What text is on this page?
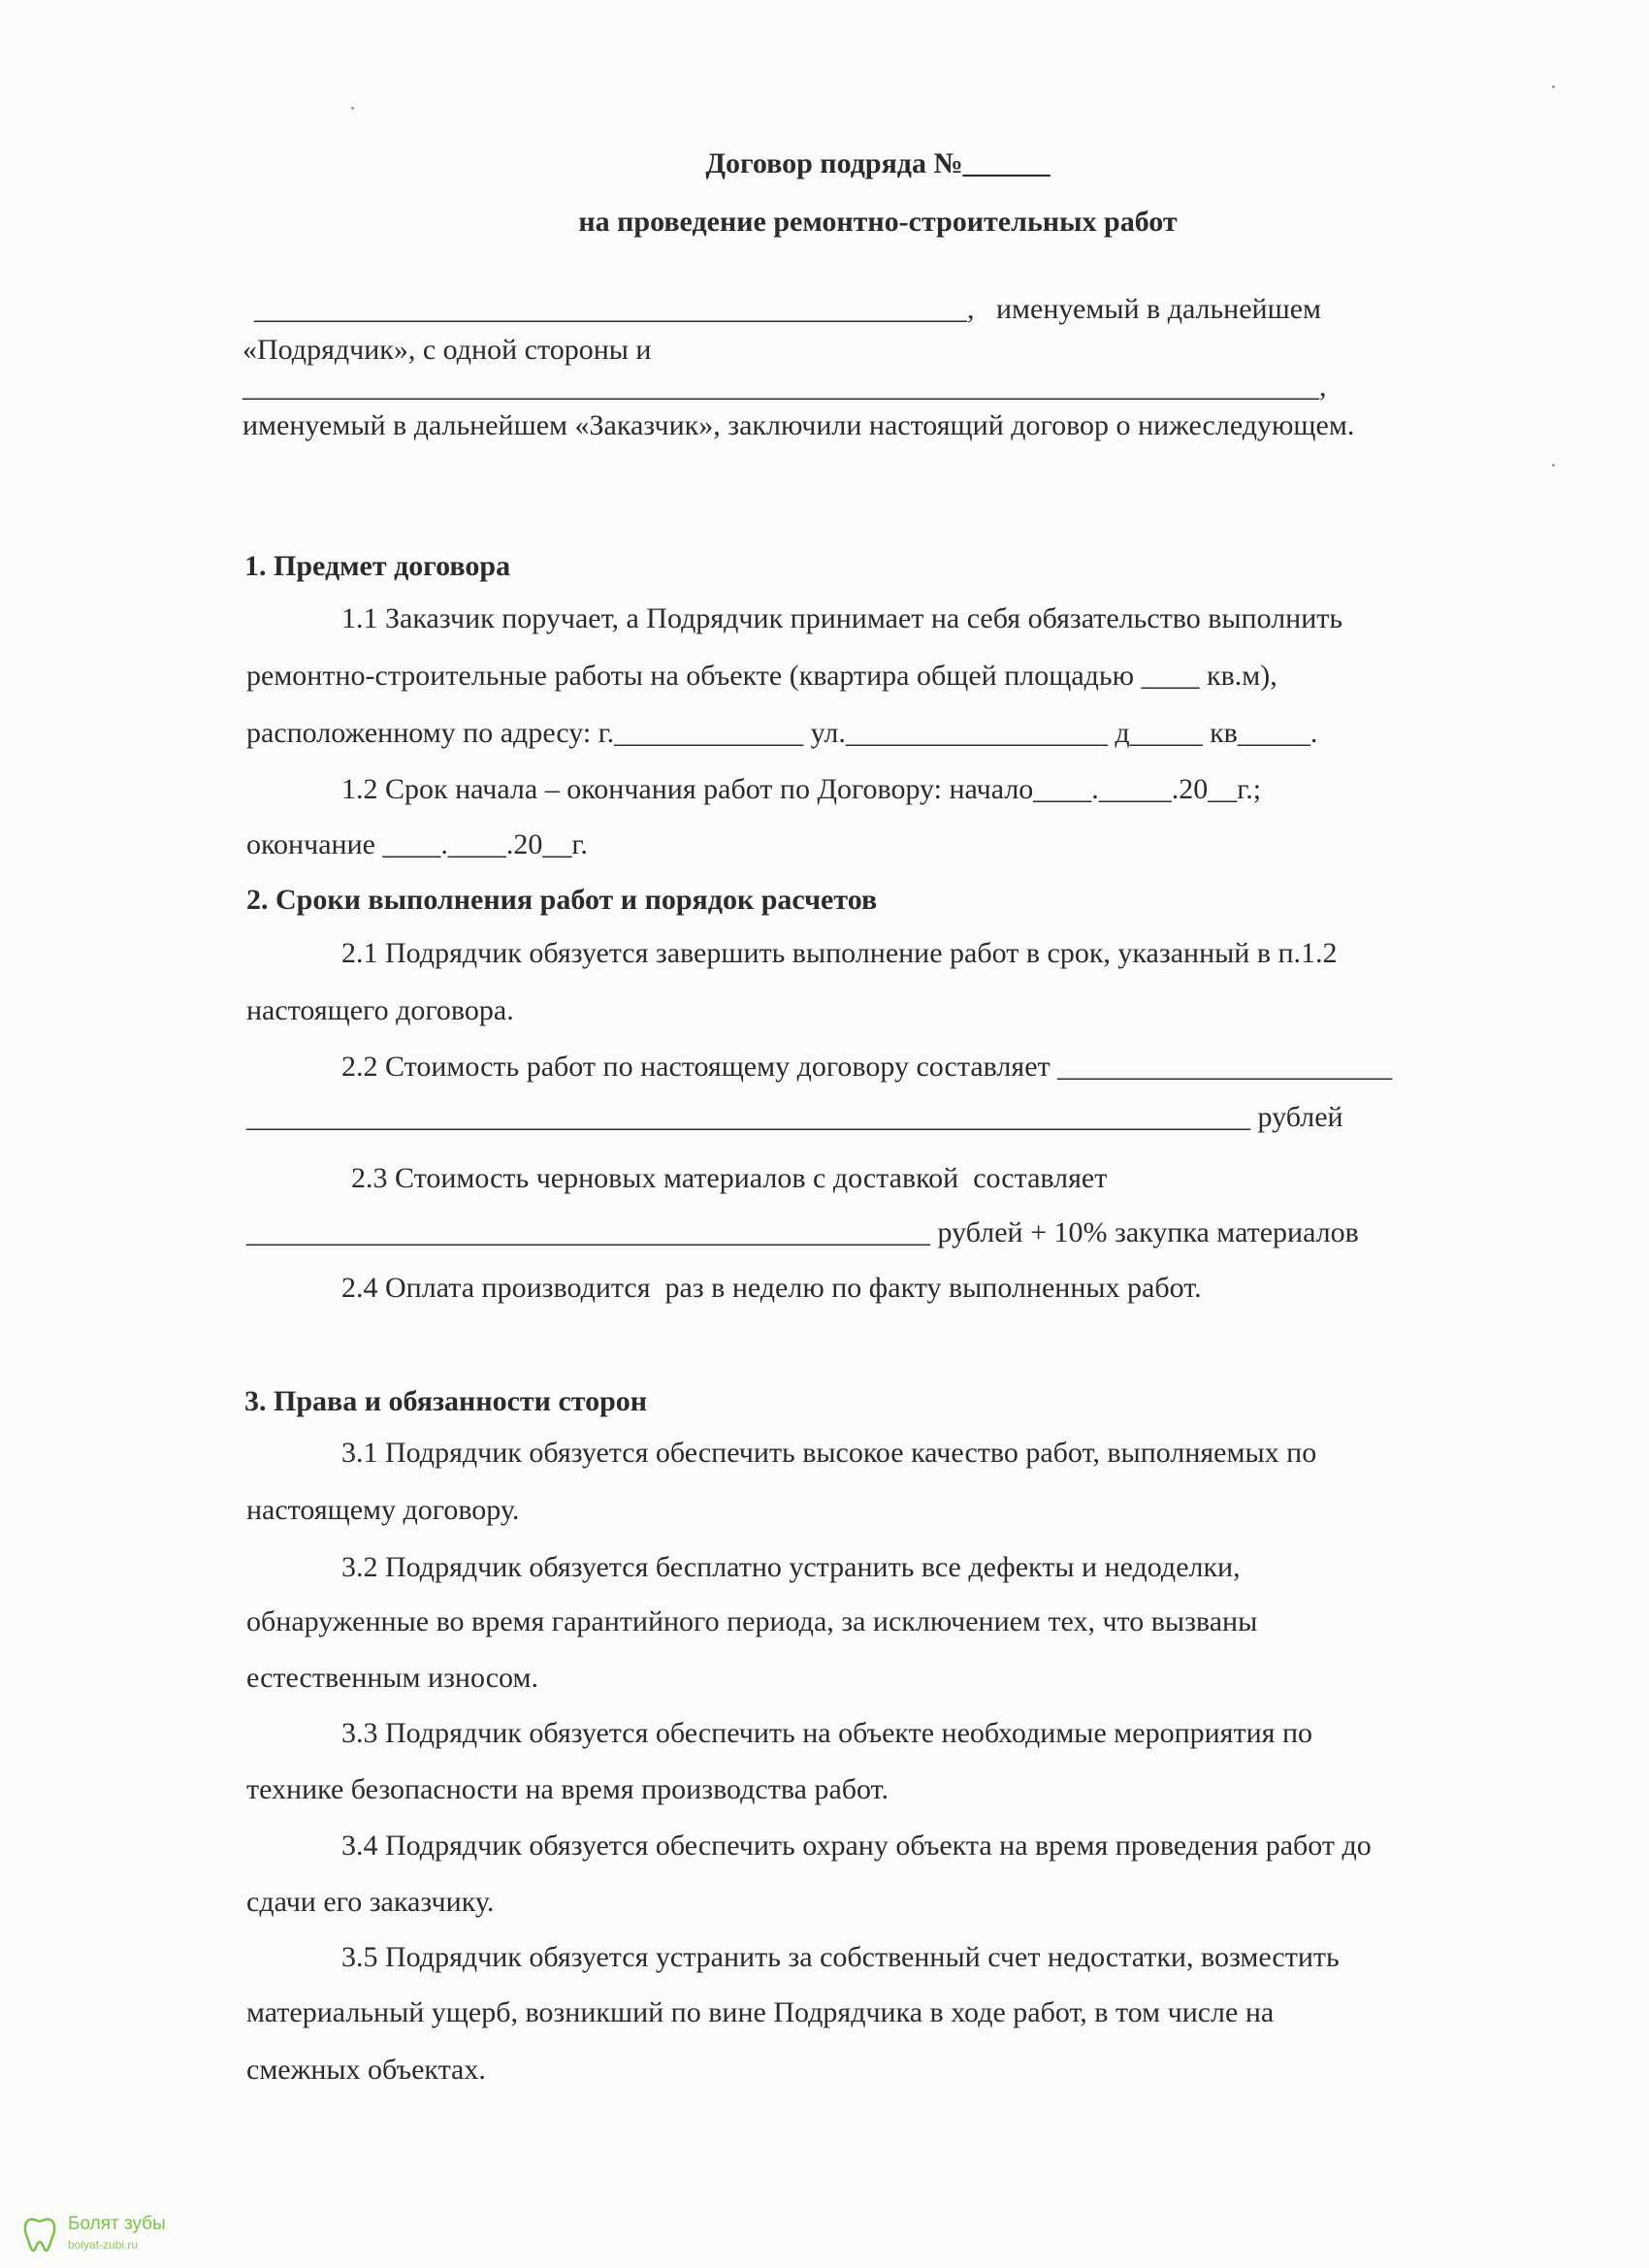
Договор подряда №______
на проведение ремонтно-строительных работ
_________________________________________________,   именуемый в дальнейшем
«Подрядчик», с одной стороны и
__________________________________________________________________________,
именуемый в дальнейшем «Заказчик», заключили настоящий договор о нижеследующем.
1. Предмет договора
1.1 Заказчик поручает, а Подрядчик принимает на себя обязательство выполнить
ремонтно-строительные работы на объекте (квартира общей площадью ____ кв.м),
расположенному по адресу: г._____________ ул.__________________ д_____ кв_____.
1.2 Срок начала – окончания работ по Договору: начало____._____.20__г.;
окончание ____.____.20__г.
2. Сроки выполнения работ и порядок расчетов
2.1 Подрядчик обязуется завершить выполнение работ в срок, указанный в п.1.2
настоящего договора.
2.2 Стоимость работ по настоящему договору составляет _______________________
_____________________________________________________________________ рублей
2.3 Стоимость черновых материалов с доставкой  составляет
_______________________________________________ рублей + 10% закупка материалов
2.4 Оплата производится  раз в неделю по факту выполненных работ.
3. Права и обязанности сторон
3.1 Подрядчик обязуется обеспечить высокое качество работ, выполняемых по
настоящему договору.
3.2 Подрядчик обязуется бесплатно устранить все дефекты и недоделки,
обнаруженные во время гарантийного периода, за исключением тех, что вызваны
естественным износом.
3.3 Подрядчик обязуется обеспечить на объекте необходимые мероприятия по
технике безопасности на время производства работ.
3.4 Подрядчик обязуется обеспечить охрану объекта на время проведения работ до
сдачи его заказчику.
3.5 Подрядчик обязуется устранить за собственный счет недостатки, возместить
материальный ущерб, возникший по вине Подрядчика в ходе работ, в том числе на
смежных объектах.
Болят зубы
bolyat-zubi.ru
